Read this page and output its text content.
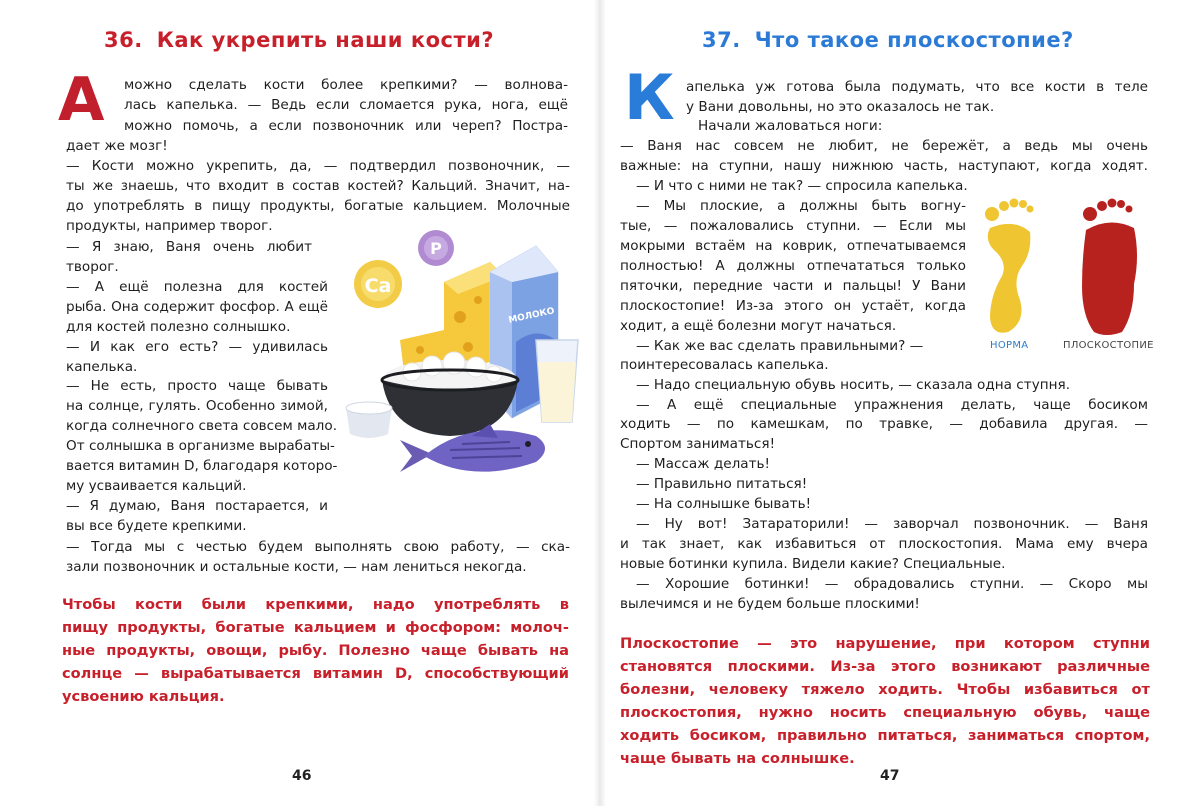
36. Как укрепить наши кости?	37. Что такое плоскостопие?
А	К
можно сделать кости более крепкими? — волнова-
лась капелька. — Ведь если сломается рука, нога, ещё
можно помочь, а если позвоночник или череп? Постра-
дает же мозг!
— Кости можно укрепить, да, — подтвердил позвоночник, —
ты же знаешь, что входит в состав костей? Кальций. Значит, на-
до употреблять в пищу продукты, богатые кальцием. Молочные
продукты, например творог.
— Я знаю, Ваня очень любит
творог.
— А ещё полезна для костей
рыба. Она содержит фосфор. А ещё
для костей полезно солнышко.
— И как его есть? — удивилась
капелька.
— Не есть, просто чаще бывать
на солнце, гулять. Особенно зимой,
когда солнечного света совсем мало.
От солнышка в организме вырабаты-
вается витамин D, благодаря которо-
му усваивается кальций.
— Я думаю, Ваня постарается, и
вы все будете крепкими.
— Тогда мы с честью будем выполнять свою работу, — ска-
зали позвоночник и остальные кости, — нам лениться некогда.
Чтобы кости были крепкими, надо употреблять в
пищу продукты, богатые кальцием и фосфором: молоч-
ные продукты, овощи, рыбу. Полезно чаще бывать на
солнце — вырабатывается витамин D, способствующий
усвоению кальция.
апелька уж готова была подумать, что все кости в теле
у Вани довольны, но это оказалось не так.
Начали жаловаться ноги:
— Ваня нас совсем не любит, не бережёт, а ведь мы очень
важные: на ступни, нашу нижнюю часть, наступают, когда ходят.
— И что с ними не так? — спросила капелька.
— Мы плоские, а должны быть вогну-
тые, — пожаловались ступни. — Если мы
мокрыми встаём на коврик, отпечатываемся
полностью! А должны отпечататься только
пяточки, передние части и пальцы! У Вани
плоскостопие! Из-за этого он устаёт, когда
ходит, а ещё болезни могут начаться.
— Как же вас сделать правильными? —
поинтересовалась капелька.
— Надо специальную обувь носить, — сказала одна ступня.
— А ещё специальные упражнения делать, чаще босиком
ходить — по камешкам, по травке, — добавила другая. —
Спортом заниматься!
— Массаж делать!
— Правильно питаться!
— На солнышке бывать!
— Ну вот! Затараторили! — заворчал позвоночник. — Ваня
и так знает, как избавиться от плоскостопия. Мама ему вчера
новые ботинки купила. Видели какие? Специальные.
— Хорошие ботинки! — обрадовались ступни. — Скоро мы
вылечимся и не будем больше плоскими!
Плоскостопие — это нарушение, при котором ступни
становятся плоскими. Из-за этого возникают различные
болезни, человеку тяжело ходить. Чтобы избавиться от
плоскостопия, нужно носить специальную обувь, чаще
ходить босиком, правильно питаться, заниматься спортом,
чаще бывать на солнышке.
Ca
P
МОЛОКО
НОРМА	ПЛОСКОСТОПИЕ
46	47
